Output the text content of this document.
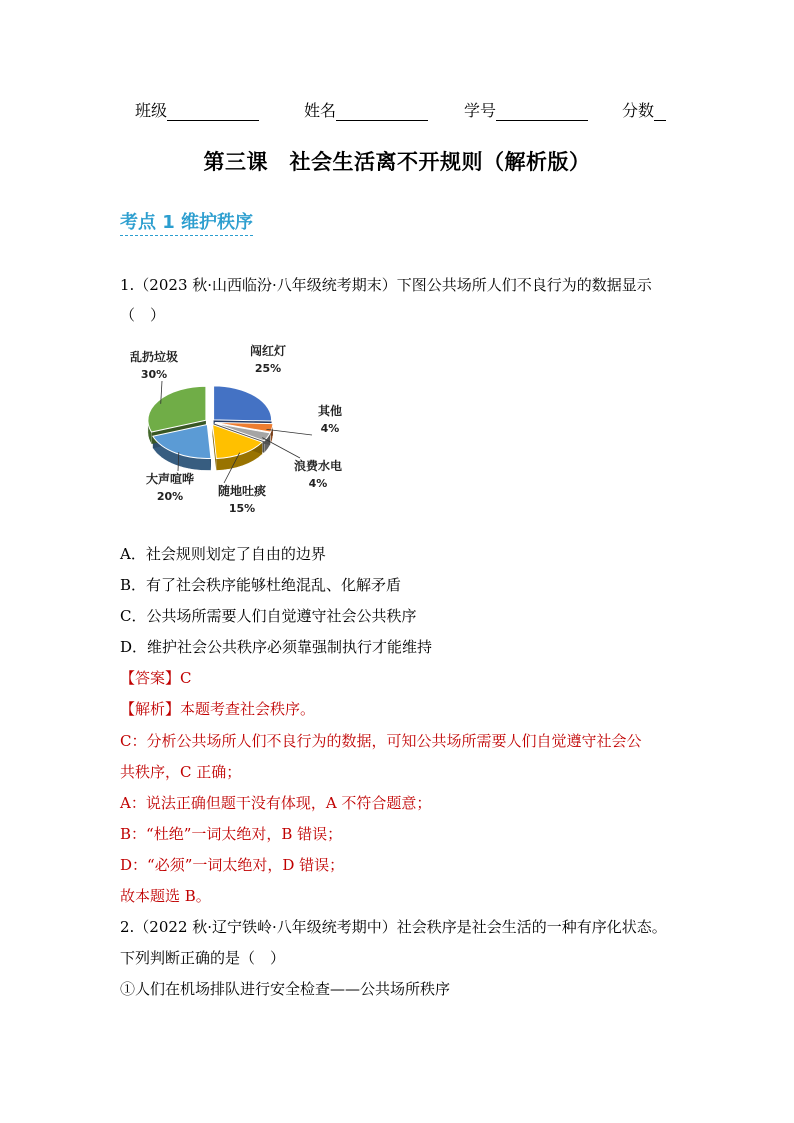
班级	姓名	学号	分数
第三课　社会生活离不开规则（解析版）
考点 1 维护秩序
1.（2023 秋·山西临汾·八年级统考期末）下图公共场所人们不良行为的数据显示
（　）
闯红灯
25%
其他
4%
浪费水电
4%
随地吐痰
15%
大声喧哗
20%
乱扔垃圾
30%
A．社会规则划定了自由的边界
B．有了社会秩序能够杜绝混乱、化解矛盾
C．公共场所需要人们自觉遵守社会公共秩序
D．维护社会公共秩序必须靠强制执行才能维持
【答案】C
【解析】本题考查社会秩序。
C：分析公共场所人们不良行为的数据，可知公共场所需要人们自觉遵守社会公
共秩序，C 正确；
A：说法正确但题干没有体现，A 不符合题意；
B：“杜绝”一词太绝对，B 错误；
D：“必须”一词太绝对，D 错误；
故本题选 B。
2.（2022 秋·辽宁铁岭·八年级统考期中）社会秩序是社会生活的一种有序化状态。
下列判断正确的是（　）
①人们在机场排队进行安全检查——公共场所秩序
